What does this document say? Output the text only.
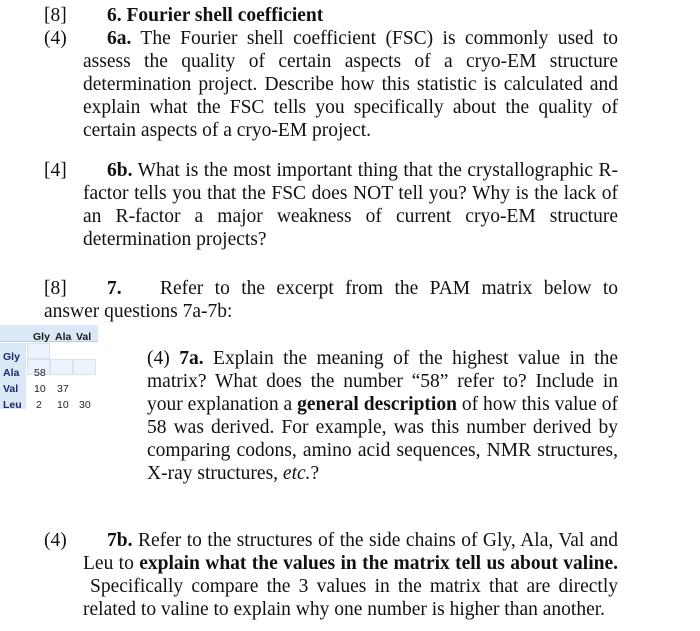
[8] 6. Fourier shell coefficient
(4) 6a. The Fourier shell coefficient (FSC) is commonly used to
assess the quality of certain aspects of a cryo-EM structure
determination project. Describe how this statistic is calculated and
explain what the FSC tells you specifically about the quality of
certain aspects of a cryo-EM project.
[4] 6b. What is the most important thing that the crystallographic R-
factor tells you that the FSC does NOT tell you? Why is the lack of
an R-factor a major weakness of current cryo-EM structure
determination projects?
[8] 7. Refer to the excerpt from the PAM matrix below to
answer questions 7a-7b:
Gly Ala Val
Gly
Ala
Val
Leu
58
10 37
2 10 30
(4) 7a. Explain the meaning of the highest value in the
matrix? What does the number “58” refer to? Include in
your explanation a general description of how this value of
58 was derived. For example, was this number derived by
comparing codons, amino acid sequences, NMR structures,
X-ray structures, etc.?
(4) 7b. Refer to the structures of the side chains of Gly, Ala, Val and
Leu to explain what the values in the matrix tell us about valine.
Specifically compare the 3 values in the matrix that are directly
related to valine to explain why one number is higher than another.
